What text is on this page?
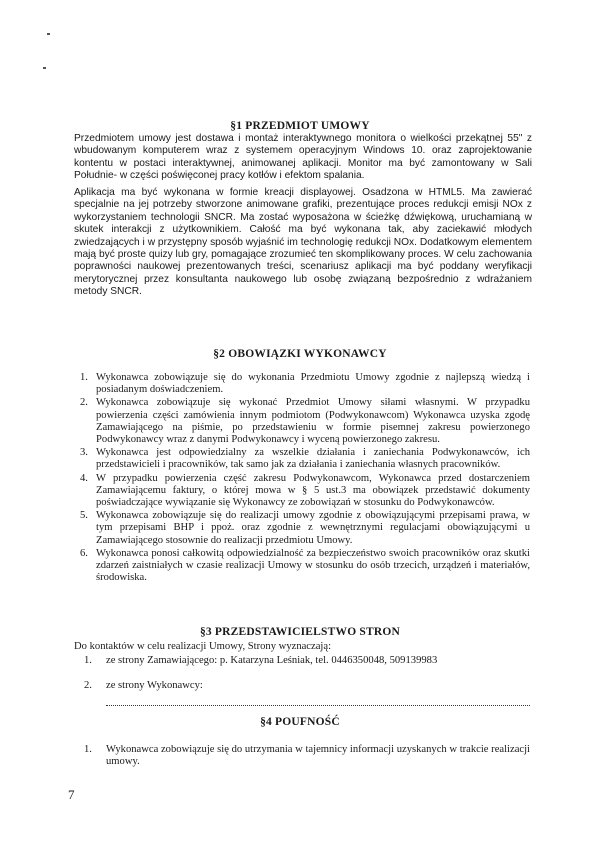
§1 PRZEDMIOT UMOWY

Przedmiotem umowy jest dostawa i montaż interaktywnego monitora o wielkości przekątnej 55" z wbudowanym komputerem wraz z systemem operacyjnym Windows 10. oraz zaprojektowanie kontentu w postaci interaktywnej, animowanej aplikacji. Monitor ma być zamontowany w Sali Południe- w części poświęconej pracy kotłów i efektom spalania.

Aplikacja ma być wykonana w formie kreacji displayowej. Osadzona w HTML5. Ma zawierać specjalnie na jej potrzeby stworzone animowane grafiki, prezentujące proces redukcji emisji NOx z wykorzystaniem technologii SNCR. Ma zostać wyposażona w ścieżkę dźwiękową, uruchamianą w skutek interakcji z użytkownikiem. Całość ma być wykonana tak, aby zaciekawić młodych zwiedzających i w przystępny sposób wyjaśnić im technologię redukcji NOx. Dodatkowym elementem mają być proste quizy lub gry, pomagające zrozumieć ten skomplikowany proces. W celu zachowania poprawności naukowej prezentowanych treści, scenariusz aplikacji ma być poddany weryfikacji merytorycznej przez konsultanta naukowego lub osobę związaną bezpośrednio z wdrażaniem metody SNCR.

§2 OBOWIĄZKI WYKONAWCY
1. Wykonawca zobowiązuje się do wykonania Przedmiotu Umowy zgodnie z najlepszą wiedzą i posiadanym doświadczeniem.
2. Wykonawca zobowiązuje się wykonać Przedmiot Umowy siłami własnymi. W przypadku powierzenia części zamówienia innym podmiotom (Podwykonawcom) Wykonawca uzyska zgodę Zamawiającego na piśmie, po przedstawieniu w formie pisemnej zakresu powierzonego Podwykonawcy wraz z danymi Podwykonawcy i wyceną powierzonego zakresu.
3. Wykonawca jest odpowiedzialny za wszelkie działania i zaniechania Podwykonawców, ich przedstawicieli i pracowników, tak samo jak za działania i zaniechania własnych pracowników.
4. W przypadku powierzenia część zakresu Podwykonawcom, Wykonawca przed dostarczeniem Zamawiającemu faktury, o której mowa w § 5 ust.3 ma obowiązek przedstawić dokumenty poświadczające wywiązanie się Wykonawcy ze zobowiązań w stosunku do Podwykonawców.
5. Wykonawca zobowiązuje się do realizacji umowy zgodnie z obowiązującymi przepisami prawa, w tym przepisami BHP i ppoż. oraz zgodnie z wewnętrznymi regulacjami obowiązującymi u Zamawiającego stosownie do realizacji przedmiotu Umowy.
6. Wykonawca ponosi całkowitą odpowiedzialność za bezpieczeństwo swoich pracowników oraz skutki zdarzeń zaistniałych w czasie realizacji Umowy w stosunku do osób trzecich, urządzeń i materiałów, środowiska.
§3 PRZEDSTAWICIELSTWO STRON
Do kontaktów w celu realizacji Umowy, Strony wyznaczają:
1. ze strony Zamawiającego: p. Katarzyna Leśniak, tel. 0446350048, 509139983
2. ze strony Wykonawcy:
§4 POUFNOŚĆ
1. Wykonawca zobowiązuje się do utrzymania w tajemnicy informacji uzyskanych w trakcie realizacji umowy.
7
